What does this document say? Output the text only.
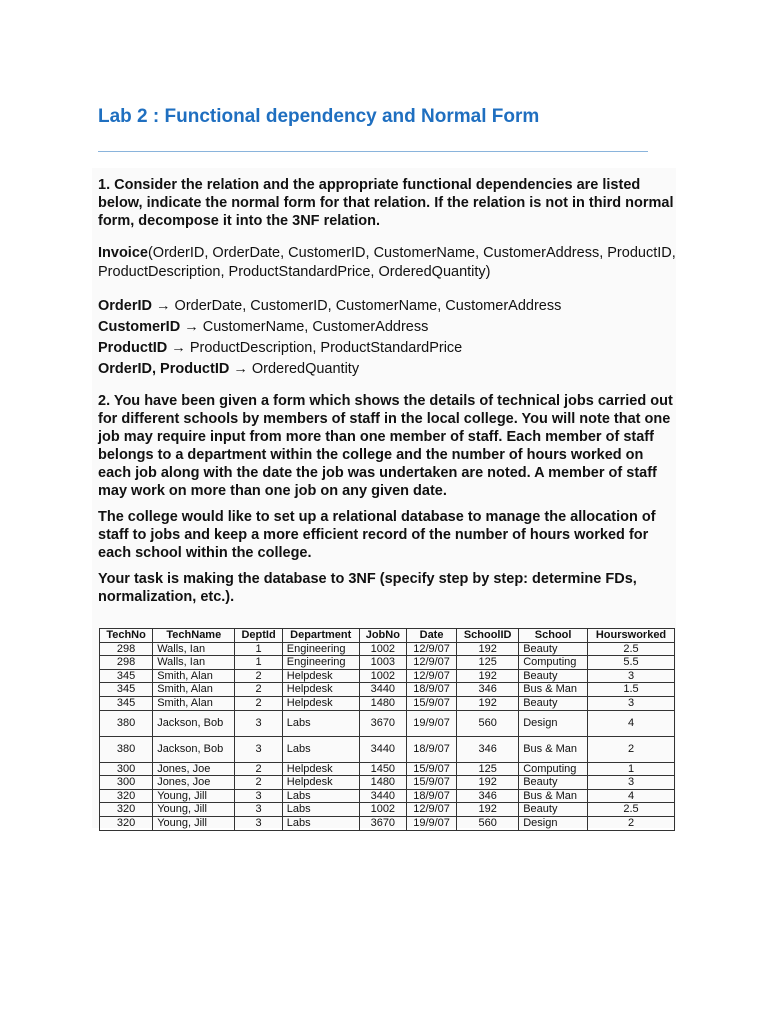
Lab 2 : Functional dependency and Normal Form

1. Consider the relation and the appropriate functional dependencies are listed below, indicate the normal form for that relation. If the relation is not in third normal form, decompose it into the 3NF relation.

Invoice(OrderID, OrderDate, CustomerID, CustomerName, CustomerAddress, ProductID, ProductDescription, ProductStandardPrice, OrderedQuantity)

OrderID → OrderDate, CustomerID, CustomerName, CustomerAddress
CustomerID → CustomerName, CustomerAddress
ProductID → ProductDescription, ProductStandardPrice
OrderID, ProductID → OrderedQuantity

2. You have been given a form which shows the details of technical jobs carried out for different schools by members of staff in the local college. You will note that one job may require input from more than one member of staff. Each member of staff belongs to a department within the college and the number of hours worked on each job along with the date the job was undertaken are noted. A member of staff may work on more than one job on any given date.

The college would like to set up a relational database to manage the allocation of staff to jobs and keep a more efficient record of the number of hours worked for each school within the college.

Your task is making the database to 3NF (specify step by step: determine FDs, normalization, etc.).

TechNo	TechName	DeptId	Department	JobNo	Date	SchoolID	School	Hoursworked
298	Walls, Ian	1	Engineering	1002	12/9/07	192	Beauty	2.5
298	Walls, Ian	1	Engineering	1003	12/9/07	125	Computing	5.5
345	Smith, Alan	2	Helpdesk	1002	12/9/07	192	Beauty	3
345	Smith, Alan	2	Helpdesk	3440	18/9/07	346	Bus & Man	1.5
345	Smith, Alan	2	Helpdesk	1480	15/9/07	192	Beauty	3
380	Jackson, Bob	3	Labs	3670	19/9/07	560	Design	4
380	Jackson, Bob	3	Labs	3440	18/9/07	346	Bus & Man	2
300	Jones, Joe	2	Helpdesk	1450	15/9/07	125	Computing	1
300	Jones, Joe	2	Helpdesk	1480	15/9/07	192	Beauty	3
320	Young, Jill	3	Labs	3440	18/9/07	346	Bus & Man	4
320	Young, Jill	3	Labs	1002	12/9/07	192	Beauty	2.5
320	Young, Jill	3	Labs	3670	19/9/07	560	Design	2
